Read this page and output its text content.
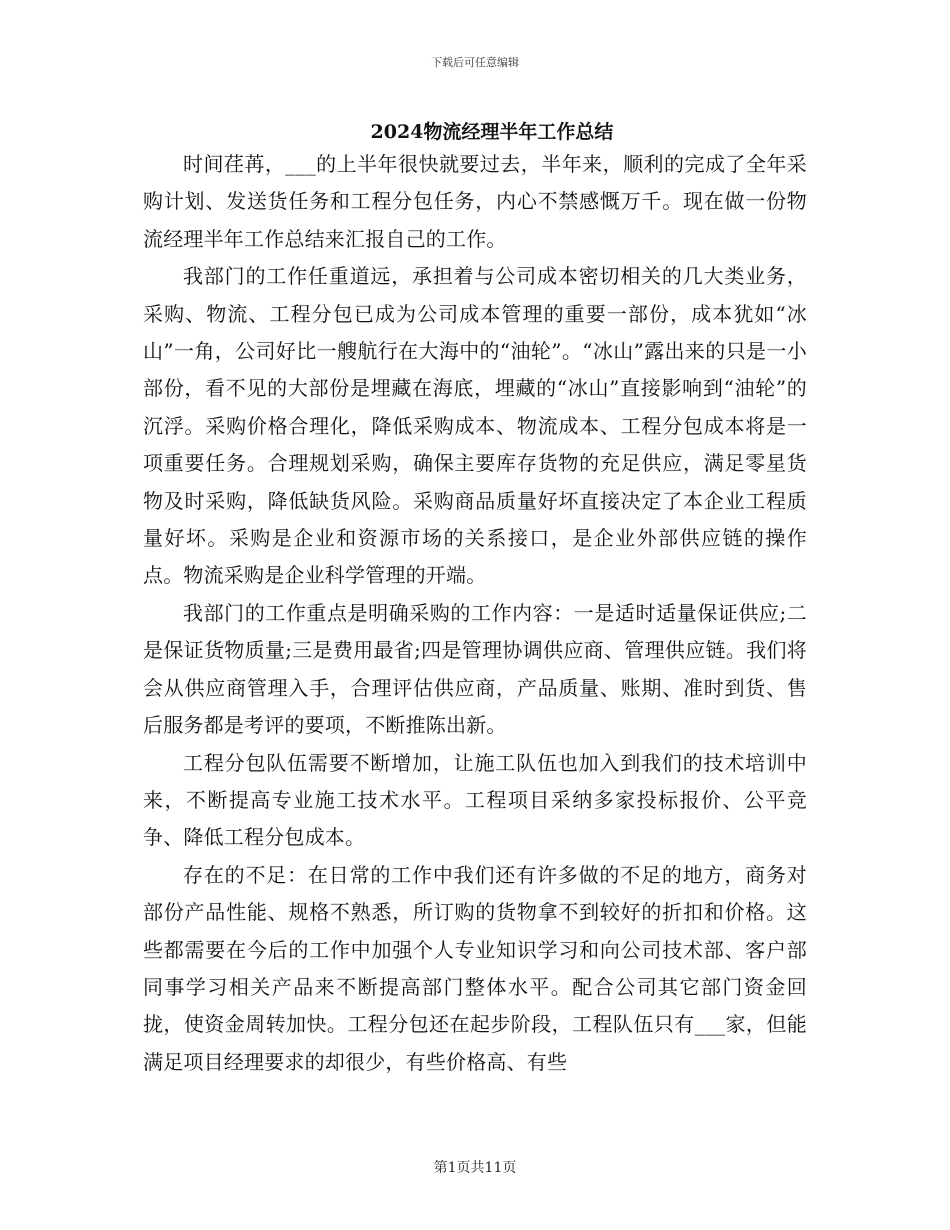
下载后可任意编辑
2024物流经理半年工作总结

时间荏苒，___的上半年很快就要过去，半年来，顺利的完成了全年采购计划、发送货任务和工程分包任务，内心不禁感慨万千。现在做一份物流经理半年工作总结来汇报自己的工作。

我部门的工作任重道远，承担着与公司成本密切相关的几大类业务，采购、物流、工程分包已成为公司成本管理的重要一部份，成本犹如“冰山”一角，公司好比一艘航行在大海中的“油轮”。“冰山”露出来的只是一小部份，看不见的大部份是埋藏在海底，埋藏的“冰山”直接影响到“油轮”的沉浮。采购价格合理化，降低采购成本、物流成本、工程分包成本将是一项重要任务。合理规划采购，确保主要库存货物的充足供应，满足零星货物及时采购，降低缺货风险。采购商品质量好坏直接决定了本企业工程质量好坏。采购是企业和资源市场的关系接口，是企业外部供应链的操作点。物流采购是企业科学管理的开端。

我部门的工作重点是明确采购的工作内容：一是适时适量保证供应;二是保证货物质量;三是费用最省;四是管理协调供应商、管理供应链。我们将会从供应商管理入手，合理评估供应商，产品质量、账期、准时到货、售后服务都是考评的要项，不断推陈出新。

工程分包队伍需要不断增加，让施工队伍也加入到我们的技术培训中来，不断提高专业施工技术水平。工程项目采纳多家投标报价、公平竞争、降低工程分包成本。

存在的不足：在日常的工作中我们还有许多做的不足的地方，商务对部份产品性能、规格不熟悉，所订购的货物拿不到较好的折扣和价格。这些都需要在今后的工作中加强个人专业知识学习和向公司技术部、客户部同事学习相关产品来不断提高部门整体水平。配合公司其它部门资金回拢，使资金周转加快。工程分包还在起步阶段，工程队伍只有___家，但能满足项目经理要求的却很少，有些价格高、有些

第1页共11页
